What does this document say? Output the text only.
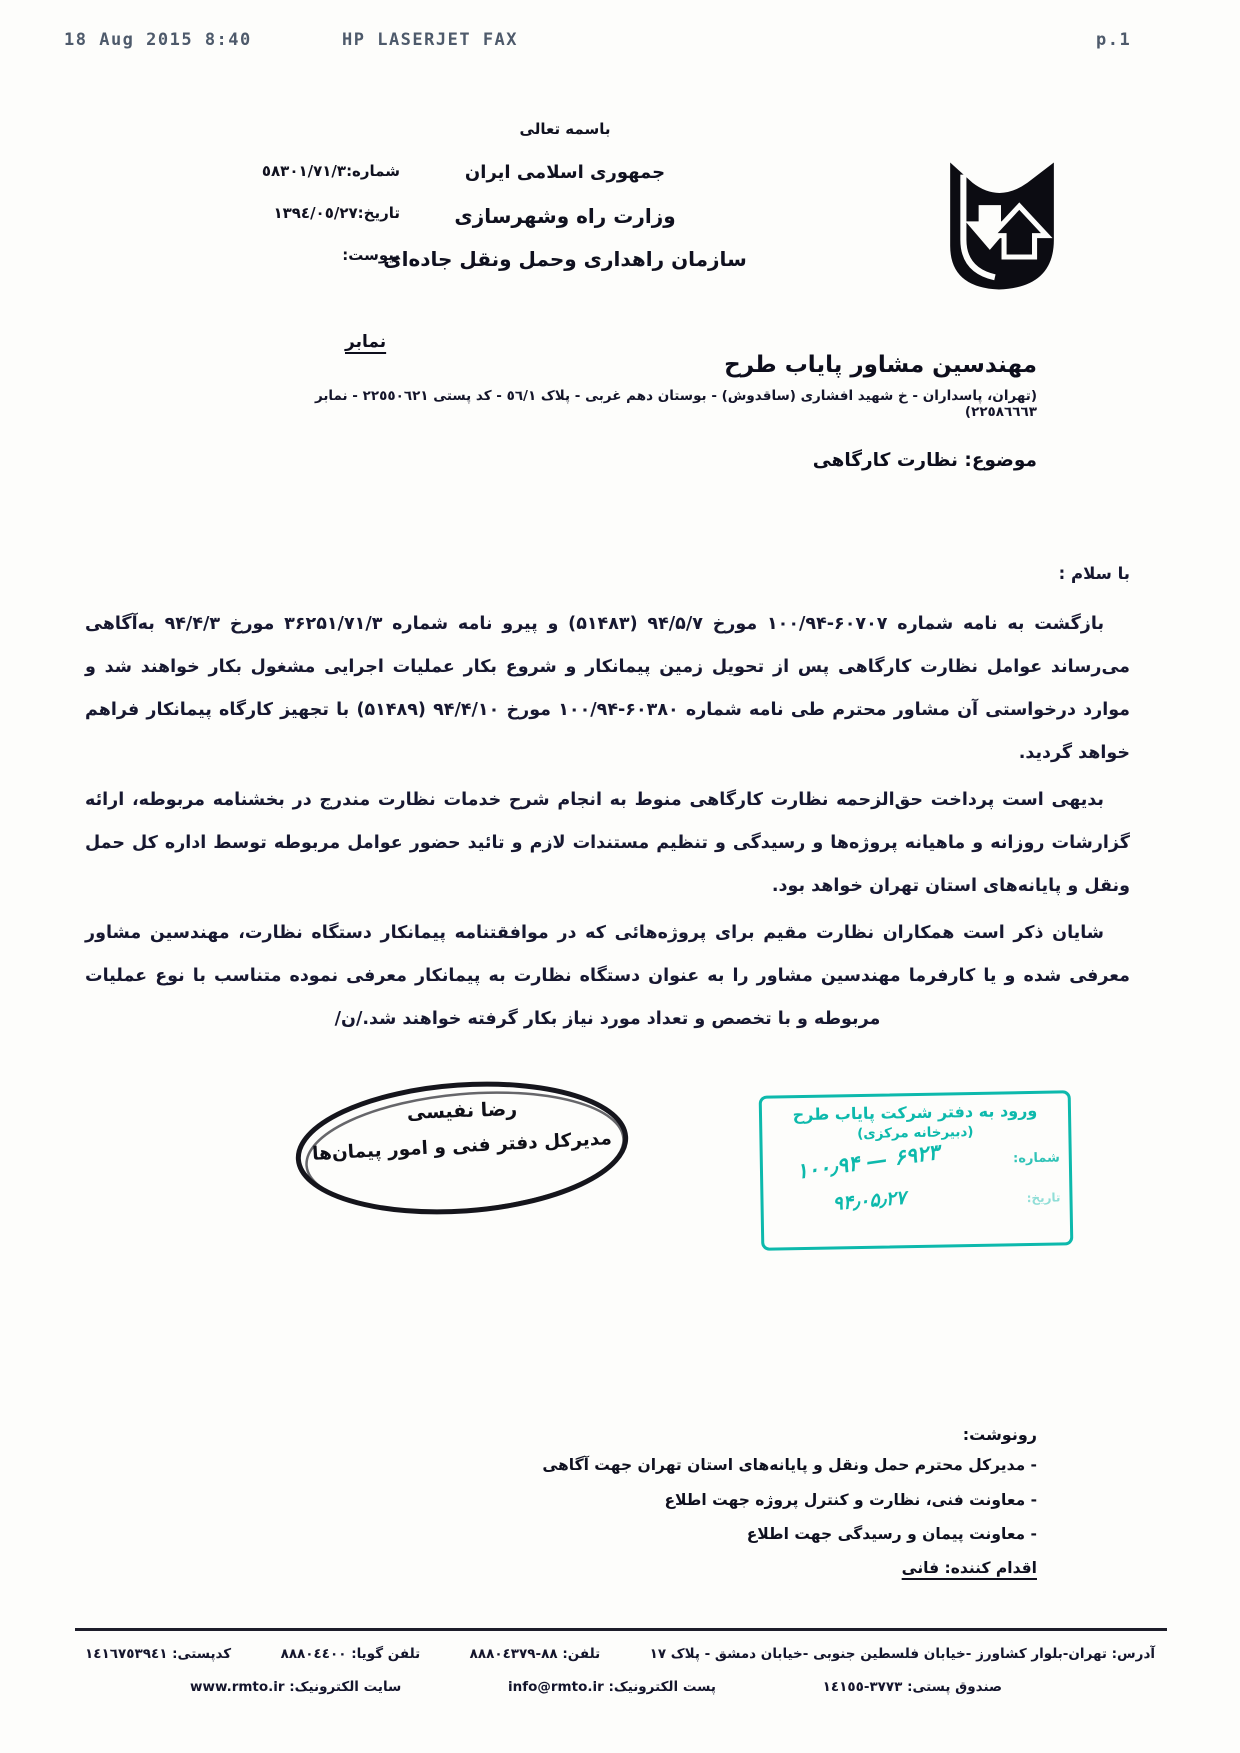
18 Aug 2015 8:40	HP LASERJET FAX	p.1
باسمه تعالی
جمهوری اسلامی ایران
وزارت راه وشهرسازی
سازمان راهداری وحمل ونقل جاده‌ای
شماره:٥٨٣٠١/٧١/٣
تاریخ:١٣٩٤/٠٥/٢٧
پیوست:
نمابر
مهندسین مشاور پایاب طرح
(تهران، پاسداران - خ شهید افشاری (ساقدوش) - بوستان دهم غربی - پلاک ٥٦/١ - کد پستی ٢٢٥٥٠٦٢١ - نمابر ٢٢٥٨٦٦٦٣)
موضوع: نظارت کارگاهی
با سلام :

بازگشت به نامه شماره ⁦۱۰۰/۹۴-۶۰۷۰۷⁩ مورخ ۹۴/۵/۷ (۵۱۴۸۳) و پیرو نامه شماره ۳۶۲۵۱/۷۱/۳ مورخ ۹۴/۴/۳ به‌آگاهی می‌رساند عوامل نظارت کارگاهی پس از تحویل زمین پیمانکار و شروع بکار عملیات اجرایی مشغول بکار خواهند شد و موارد درخواستی آن مشاور محترم طی نامه شماره ⁦۱۰۰/۹۴-۶۰۳۸۰⁩ مورخ ۹۴/۴/۱۰ (۵۱۴۸۹) با تجهیز کارگاه پیمانکار فراهم خواهد گردید.

بدیهی است پرداخت حق‌الزحمه نظارت کارگاهی منوط به انجام شرح خدمات نظارت مندرج در بخشنامه مربوطه، ارائه گزارشات روزانه و ماهیانه پروژه‌ها و رسیدگی و تنظیم مستندات لازم و تائید حضور عوامل مربوطه توسط اداره کل حمل ونقل و پایانه‌های استان تهران خواهد بود.

شایان ذکر است همکاران نظارت مقیم برای پروژه‌هائی که در موافقتنامه پیمانکار دستگاه نظارت، مهندسین مشاور معرفی شده و یا کارفرما مهندسین مشاور را به عنوان دستگاه نظارت به پیمانکار معرفی نموده متناسب با نوع عملیات مربوطه و با تخصص و تعداد مورد نیاز بکار گرفته خواهند شد./ن/

رضا نفیسی
مدیرکل دفتر فنی و امور پیمان‌ها
ورود به دفتر شرکت پایاب طرح
(دبیرخانه مرکزی)
شماره:
۱۰۰٫۹۴ — ۶۹۲۳
تاریخ:
۹۴٫۰۵٫۲۷
رونوشت:
- مدیرکل محترم حمل ونقل و پایانه‌های استان تهران جهت آگاهی
- معاونت فنی، نظارت و کنترل پروژه جهت اطلاع
- معاونت پیمان و رسیدگی جهت اطلاع
اقدام کننده: فانی
آدرس: تهران-بلوار کشاورز -خیابان فلسطین جنوبی -خیابان دمشق - پلاک ١٧
تلفن: ٨٨-٨٨٨٠٤٣٧٩
تلفن گویا: ٨٨٨٠٤٤٠٠
کدپستی: ١٤١٦٧٥٣٩٤١
صندوق پستی: ٣٧٧٣-١٤١٥٥
پست الکترونیک: info@rmto.ir
سایت الکترونیک: www.rmto.ir
